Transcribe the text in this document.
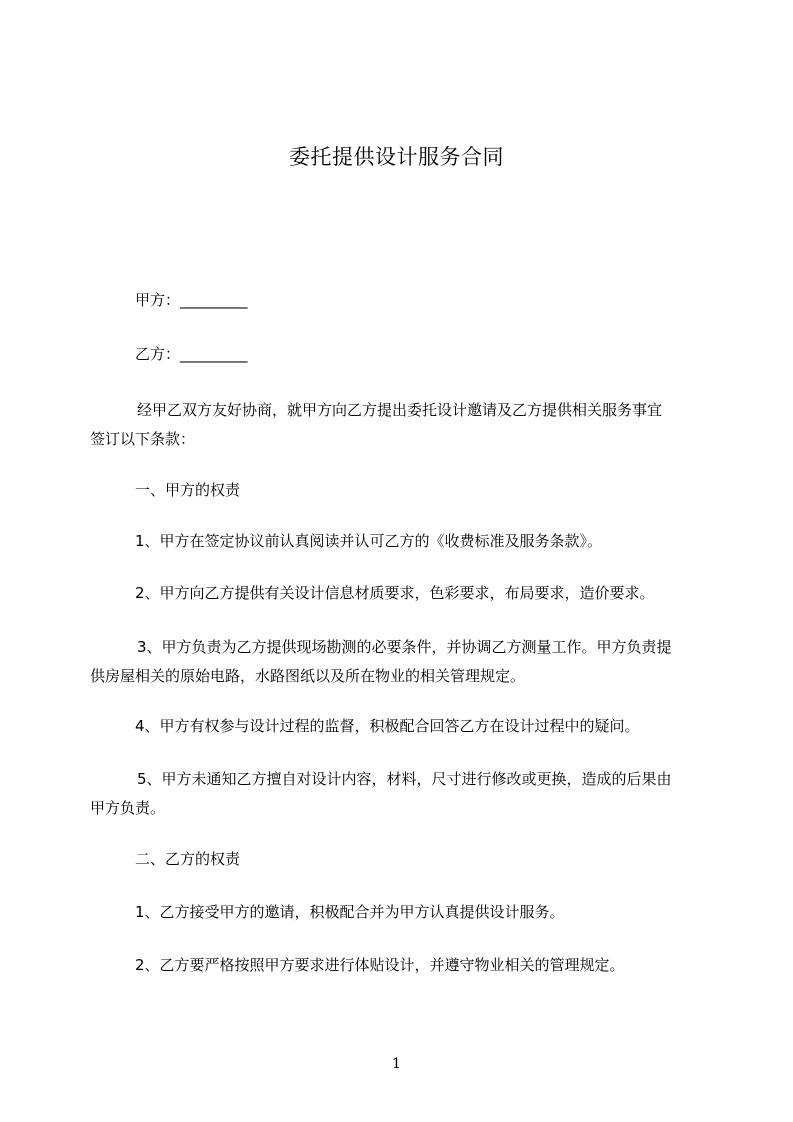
委托提供设计服务合同
甲方：_________
乙方：_________
经甲乙双方友好协商，就甲方向乙方提出委托设计邀请及乙方提供相关服务事宜
签订以下条款：
一、甲方的权责
1、甲方在签定协议前认真阅读并认可乙方的《收费标准及服务条款》。
2、甲方向乙方提供有关设计信息材质要求，色彩要求，布局要求，造价要求。
3、甲方负责为乙方提供现场勘测的必要条件，并协调乙方测量工作。甲方负责提
供房屋相关的原始电路，水路图纸以及所在物业的相关管理规定。
4、甲方有权参与设计过程的监督，积极配合回答乙方在设计过程中的疑问。
5、甲方未通知乙方擅自对设计内容，材料，尺寸进行修改或更换，造成的后果由
甲方负责。
二、乙方的权责
1、乙方接受甲方的邀请，积极配合并为甲方认真提供设计服务。
2、乙方要严格按照甲方要求进行体贴设计，并遵守物业相关的管理规定。
1
